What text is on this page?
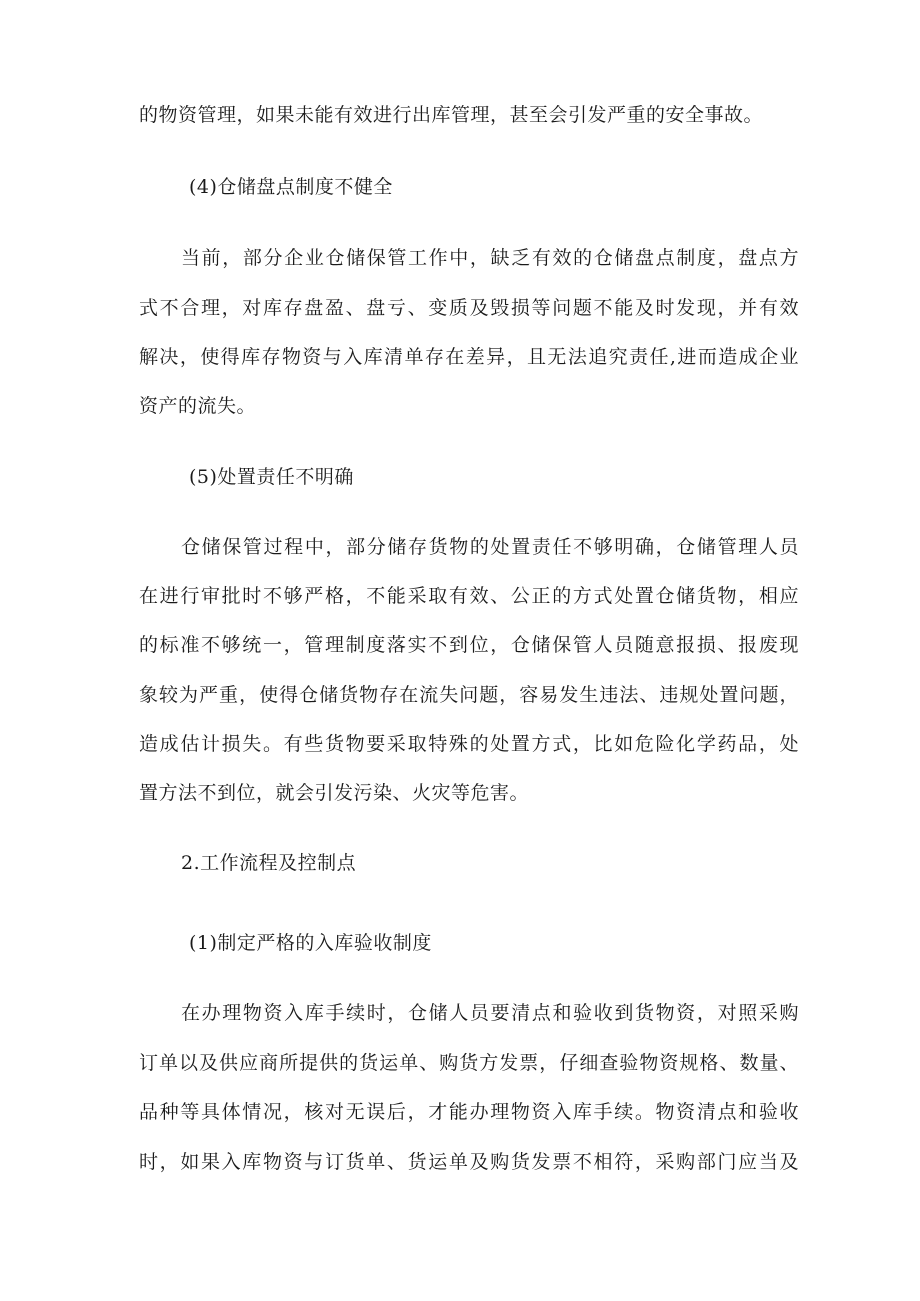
的物资管理，如果未能有效进行出库管理，甚至会引发严重的安全事故。
(4)仓储盘点制度不健全
当前，部分企业仓储保管工作中，缺乏有效的仓储盘点制度，盘点方
式不合理，对库存盘盈、盘亏、变质及毁损等问题不能及时发现，并有效
解决，使得库存物资与入库清单存在差异，且无法追究责任,进而造成企业
资产的流失。
(5)处置责任不明确
仓储保管过程中，部分储存货物的处置责任不够明确，仓储管理人员
在进行审批时不够严格，不能采取有效、公正的方式处置仓储货物，相应
的标准不够统一，管理制度落实不到位，仓储保管人员随意报损、报废现
象较为严重，使得仓储货物存在流失问题，容易发生违法、违规处置问题，
造成估计损失。有些货物要采取特殊的处置方式，比如危险化学药品，处
置方法不到位，就会引发污染、火灾等危害。
2.工作流程及控制点
(1)制定严格的入库验收制度
在办理物资入库手续时，仓储人员要清点和验收到货物资，对照采购
订单以及供应商所提供的货运单、购货方发票，仔细查验物资规格、数量、
品种等具体情况，核对无误后，才能办理物资入库手续。物资清点和验收
时，如果入库物资与订货单、货运单及购货发票不相符，采购部门应当及
